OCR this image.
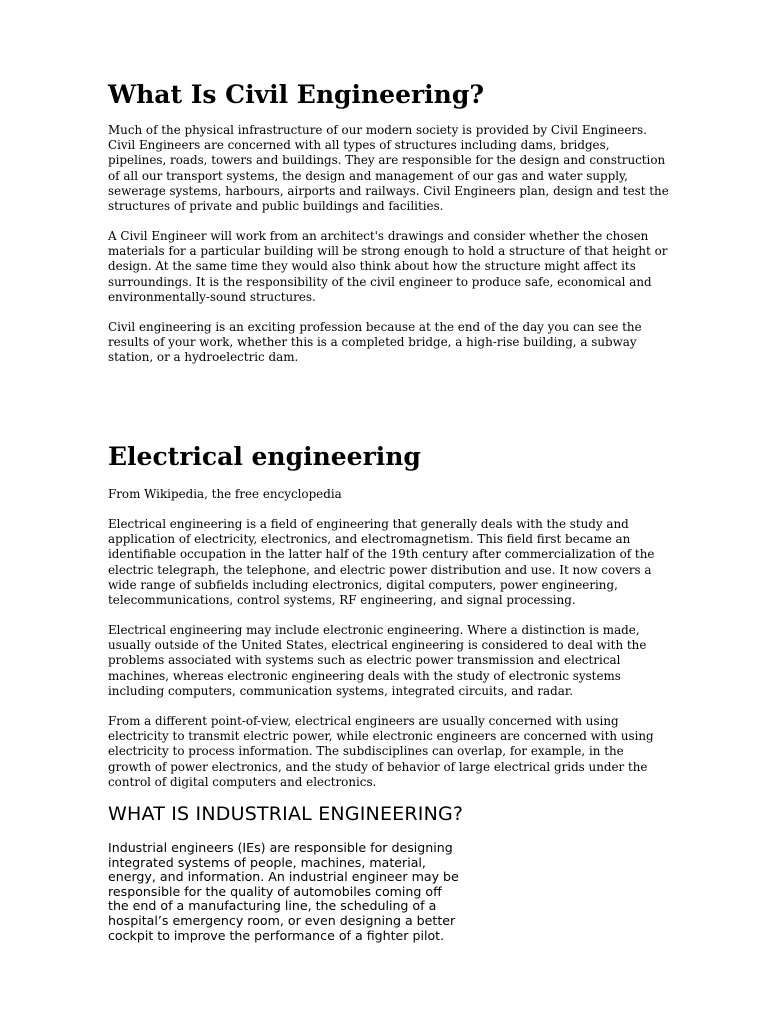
What Is Civil Engineering?

Much of the physical infrastructure of our modern society is provided by Civil Engineers.
Civil Engineers are concerned with all types of structures including dams, bridges,
pipelines, roads, towers and buildings. They are responsible for the design and construction
of all our transport systems, the design and management of our gas and water supply,
sewerage systems, harbours, airports and railways. Civil Engineers plan, design and test the
structures of private and public buildings and facilities.

A Civil Engineer will work from an architect's drawings and consider whether the chosen
materials for a particular building will be strong enough to hold a structure of that height or
design. At the same time they would also think about how the structure might affect its
surroundings. It is the responsibility of the civil engineer to produce safe, economical and
environmentally-sound structures.

Civil engineering is an exciting profession because at the end of the day you can see the
results of your work, whether this is a completed bridge, a high-rise building, a subway
station, or a hydroelectric dam.

Electrical engineering

From Wikipedia, the free encyclopedia

Electrical engineering is a field of engineering that generally deals with the study and
application of electricity, electronics, and electromagnetism. This field first became an
identifiable occupation in the latter half of the 19th century after commercialization of the
electric telegraph, the telephone, and electric power distribution and use. It now covers a
wide range of subfields including electronics, digital computers, power engineering,
telecommunications, control systems, RF engineering, and signal processing.

Electrical engineering may include electronic engineering. Where a distinction is made,
usually outside of the United States, electrical engineering is considered to deal with the
problems associated with systems such as electric power transmission and electrical
machines, whereas electronic engineering deals with the study of electronic systems
including computers, communication systems, integrated circuits, and radar.

From a different point-of-view, electrical engineers are usually concerned with using
electricity to transmit electric power, while electronic engineers are concerned with using
electricity to process information. The subdisciplines can overlap, for example, in the
growth of power electronics, and the study of behavior of large electrical grids under the
control of digital computers and electronics.

WHAT IS INDUSTRIAL ENGINEERING?

Industrial engineers (IEs) are responsible for designing
integrated systems of people, machines, material,
energy, and information. An industrial engineer may be
responsible for the quality of automobiles coming off
the end of a manufacturing line, the scheduling of a
hospital’s emergency room, or even designing a better
cockpit to improve the performance of a fighter pilot.
